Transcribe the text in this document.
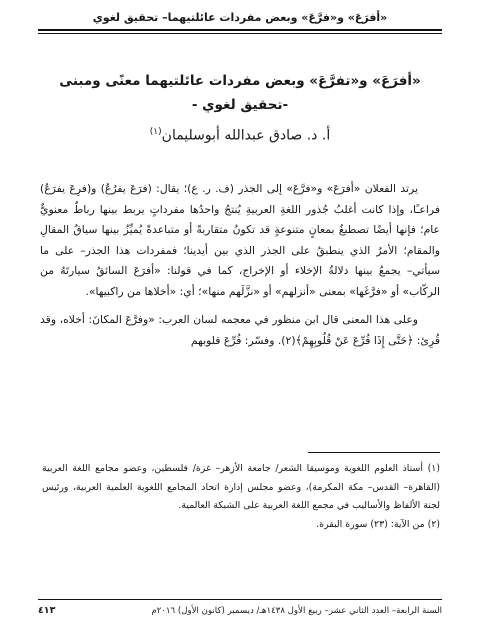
«أفرَعَ» و«فرَّعَ» وبعض مفردات عائلتيهما– تحقيق لغوي
«أفرَعَ» و«تفرَّعَ» وبعض مفردات عائلتيهما معنًى ومبنى
-تحقيق لغوي -
أ. د. صادق عبدالله أبوسليمان$^{(١)}$

يرتد الفعلان «أفرَعَ» و«فرَّعَ» إلى الجذر (ف. ر. ع)؛ يقال: (فرَعَ يفرُعُ) و(فرِعَ يفرَعُ) فراعـًا، وإذا كانت أغلبُ جُذور اللغةِ العربيةِ يُنتجُ واحدُها مفرداتٍ يربط بينها رباطٌ معنويٌّ عام؛ فإنها أيضًا تصطبغُ بمعانٍ متنوعةٍ قد تكونُ متقاربةً أو متباعدةً يُميِّزُ بينها سياقُ المقالِ والمقام؛ الأمرُ الذي ينطبقُ على الجذر الذي بين أيدينا؛ فمفردات هذا الجذر– على ما سيأتي– يجمعُ بينها دلالةُ الإخلاء أو الإخراج، كما في قولنا: «أفرَعَ السائقُ سيارتَهُ من الركّاب» أو «فرَّغَها» بمعنى «أنزلهم» أو «نزَّلَهم منها»؛ أي: «أخلاها من راكبيها».

وعلى هذا المعنى قال ابن منظور في معجمه لسان العرب: «وفرَّعَ المكانَ: أخلاه، وقد قُرِئ: ﴿حَتَّى إِذَا فُرِّعَ عَنْ قُلُوبِهِمْ﴾(٢). وفسّر: فُرِّعَ قلوبهم

(١) أستاذ العلوم اللغوية وموسيقا الشعر/ جامعة الأزهر– غزة/ فلسطين، وعضو مجامع اللغة العربية (القاهرة– القدس– مكة المكرمة)، وعضو مجلس إدارة اتحاد المجامع اللغوية العلمية العربية، ورئيس لجنة الألفاظ والأساليب في مجمع اللغة العربية على الشبكة العالمية.

(٢) من الآية: (٢٣) سورة البقرة.

السنة الرابعة– العدد الثاني عشر– ربيع الأول ١٤٣٨هـ/ ديسمبر (كانون الأول) ٢٠١٦م
٤١٣
